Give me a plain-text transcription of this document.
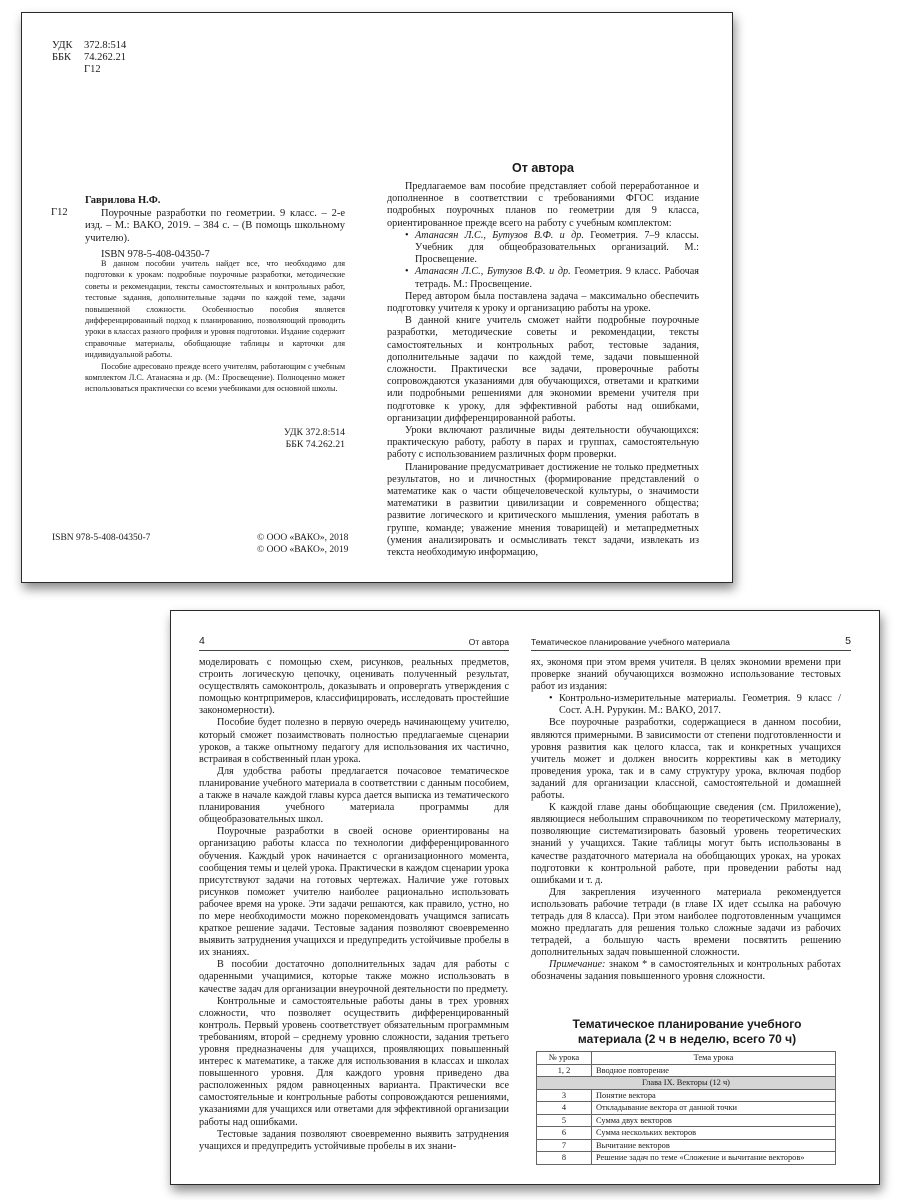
УДК 372.8:514
ББК 74.262.21
Г12

Гаврилова Н.Ф.

Г12	Поурочные разработки по геометрии. 9 класс. – 2-е изд. – М.: ВАКО, 2019. – 384 с. – (В помощь школьному учителю).

ISBN 978-5-408-04350-7

В данном пособии учитель найдет все, что необходимо для подготовки к урокам: подробные поурочные разработки, методические советы и рекомендации, тексты самостоятельных и контрольных работ, тестовые задания, дополнительные задачи по каждой теме, задачи повышенной сложности. Особенностью пособия является дифференцированный подход к планированию, позволяющий проводить уроки в классах разного профиля и уровня подготовки. Издание содержит справочные материалы, обобщающие таблицы и карточки для индивидуальной работы.

Пособие адресовано прежде всего учителям, работающим с учебным комплектом Л.С. Атанасяна и др. (М.: Просвещение). Полноценно может использоваться практически со всеми учебниками для основной школы.

УДК 372.8:514
ББК 74.262.21
ISBN 978-5-408-04350-7	© ООО «ВАКО», 2018
© ООО «ВАКО», 2019
От автора

Предлагаемое вам пособие представляет собой переработанное и дополненное в соответствии с требованиями ФГОС издание подробных поурочных планов по геометрии для 9 класса, ориентированное прежде всего на работу с учебным комплектом:

• Атанасян Л.С., Бутузов В.Ф. и др. Геометрия. 7–9 классы. Учебник для общеобразовательных организаций. М.: Просвещение.
• Атанасян Л.С., Бутузов В.Ф. и др. Геометрия. 9 класс. Рабочая тетрадь. М.: Просвещение.

Перед автором была поставлена задача – максимально обеспечить подготовку учителя к уроку и организацию работы на уроке.

В данной книге учитель сможет найти подробные поурочные разработки, методические советы и рекомендации, тексты самостоятельных и контрольных работ, тестовые задания, дополнительные задачи по каждой теме, задачи повышенной сложности. Практически все задачи, проверочные работы сопровождаются указаниями для обучающихся, ответами и краткими или подробными решениями для экономии времени учителя при подготовке к уроку, для эффективной работы над ошибками, организации дифференцированной работы.

Уроки включают различные виды деятельности обучающихся: практическую работу, работу в парах и группах, самостоятельную работу с использованием различных форм проверки.

Планирование предусматривает достижение не только предметных результатов, но и личностных (формирование представлений о математике как о части общечеловеческой культуры, о значимости математики в развитии цивилизации и современного общества; развитие логического и критического мышления, умения работать в группе, команде; уважение мнения товарищей) и метапредметных (умения анализировать и осмысливать текст задачи, извлекать из текста необходимую информацию,

4	От автора

моделировать с помощью схем, рисунков, реальных предметов, строить логическую цепочку, оценивать полученный результат, осуществлять самоконтроль, доказывать и опровергать утверждения с помощью контрпримеров, классифицировать, исследовать простейшие закономерности).

Пособие будет полезно в первую очередь начинающему учителю, который сможет позаимствовать полностью предлагаемые сценарии уроков, а также опытному педагогу для использования их частично, встраивая в собственный план урока.

Для удобства работы предлагается почасовое тематическое планирование учебного материала в соответствии с данным пособием, а также в начале каждой главы курса дается выписка из тематического планирования учебного материала программы для общеобразовательных школ.

Поурочные разработки в своей основе ориентированы на организацию работы класса по технологии дифференцированного обучения. Каждый урок начинается с организационного момента, сообщения темы и целей урока. Практически в каждом сценарии урока присутствуют задачи на готовых чертежах. Наличие уже готовых рисунков поможет учителю наиболее рационально использовать рабочее время на уроке. Эти задачи решаются, как правило, устно, но по мере необходимости можно порекомендовать учащимся записать краткое решение задачи. Тестовые задания позволяют своевременно выявить затруднения учащихся и предупредить устойчивые пробелы в их знаниях.

В пособии достаточно дополнительных задач для работы с одаренными учащимися, которые также можно использовать в качестве задач для организации внеурочной деятельности по предмету.

Контрольные и самостоятельные работы даны в трех уровнях сложности, что позволяет осуществить дифференцированный контроль. Первый уровень соответствует обязательным программным требованиям, второй – среднему уровню сложности, задания третьего уровня предназначены для учащихся, проявляющих повышенный интерес к математике, а также для использования в классах и школах повышенного уровня. Для каждого уровня приведено два расположенных рядом равноценных варианта. Практически все самостоятельные и контрольные работы сопровождаются решениями, указаниями для учащихся или ответами для эффективной организации работы над ошибками.

Тестовые задания позволяют своевременно выявить затруднения учащихся и предупредить устойчивые пробелы в их знани-

Тематическое планирование учебного материала	5

ях, экономя при этом время учителя. В целях экономии времени при проверке знаний обучающихся возможно использование тестовых работ из издания:

• Контрольно-измерительные материалы. Геометрия. 9 класс / Сост. А.Н. Рурукин. М.: ВАКО, 2017.

Все поурочные разработки, содержащиеся в данном пособии, являются примерными. В зависимости от степени подготовленности и уровня развития как целого класса, так и конкретных учащихся учитель может и должен вносить коррективы как в методику проведения урока, так и в саму структуру урока, включая подбор заданий для организации классной, самостоятельной и домашней работы.

К каждой главе даны обобщающие сведения (см. Приложение), являющиеся небольшим справочником по теоретическому материалу, позволяющие систематизировать базовый уровень теоретических знаний у учащихся. Такие таблицы могут быть использованы в качестве раздаточного материала на обобщающих уроках, на уроках подготовки к контрольной работе, при проведении работы над ошибками и т. д.

Для закрепления изученного материала рекомендуется использовать рабочие тетради (в главе IX идет ссылка на рабочую тетрадь для 8 класса). При этом наиболее подготовленным учащимся можно предлагать для решения только сложные задачи из рабочих тетрадей, а большую часть времени посвятить решению дополнительных задач повышенной сложности.

Примечание: знаком * в самостоятельных и контрольных работах обозначены задания повышенного уровня сложности.

Тематическое планирование учебного
материала (2 ч в неделю, всего 70 ч)
№ урока	Тема урока
1, 2	Вводное повторение
Глава IX. Векторы (12 ч)	
3	Понятие вектора
4	Откладывание вектора от данной точки
5	Сумма двух векторов
6	Сумма нескольких векторов
7	Вычитание векторов
8	Решение задач по теме «Сложение и вычитание векторов»
